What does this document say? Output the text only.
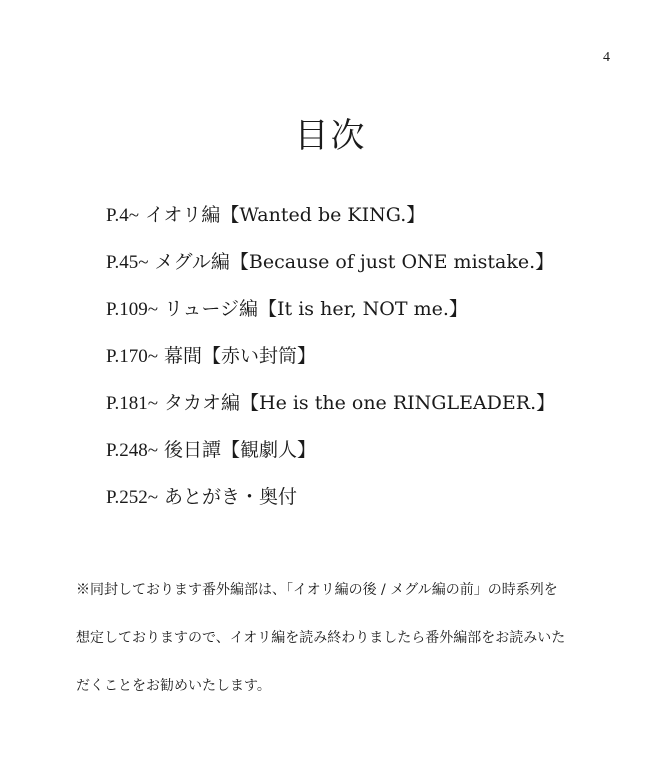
4
目次
P.4~ イオリ編【Wanted be KING.】
P.45~ メグル編【Because of just ONE mistake.】
P.109~ リュージ編【It is her, NOT me.】
P.170~ 幕間【赤い封筒】
P.181~ タカオ編【He is the one RINGLEADER.】
P.248~ 後日譚【観劇人】
P.252~ あとがき・奥付

※同封しております番外編部は、「イオリ編の後 / メグル編の前」の時系列を

想定しておりますので、イオリ編を読み終わりましたら番外編部をお読みいた

だくことをお勧めいたします。
